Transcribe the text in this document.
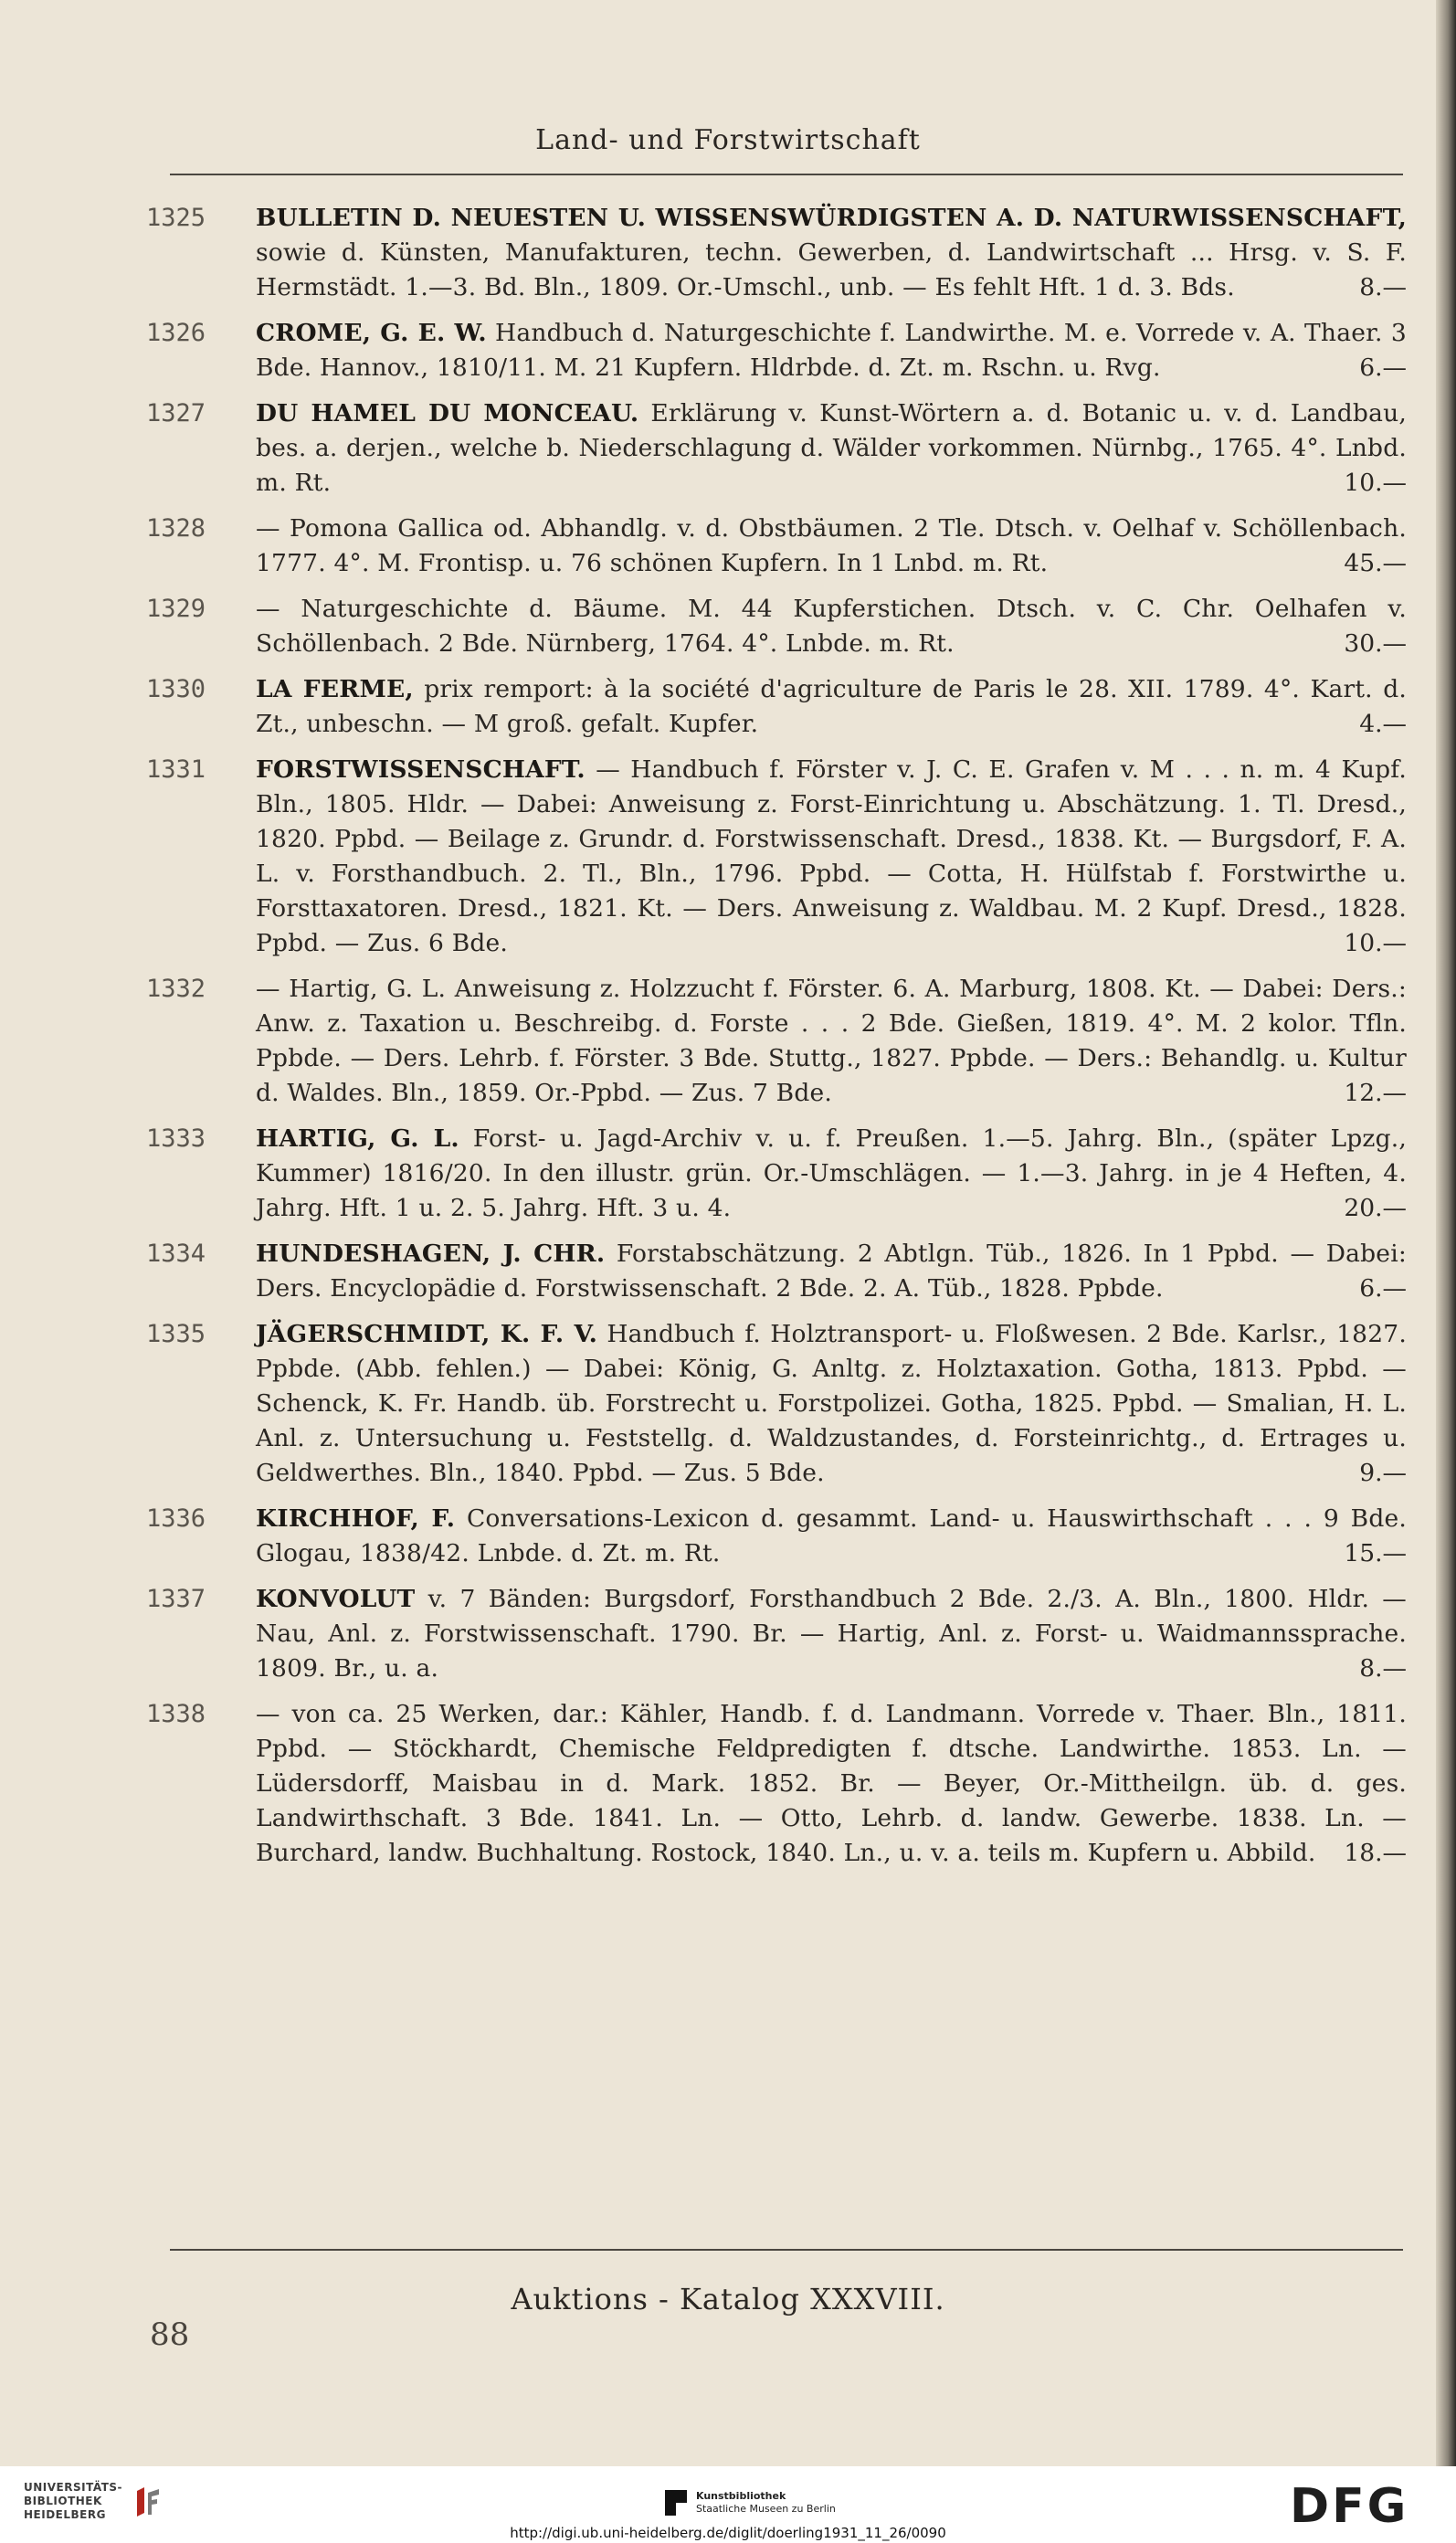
Land- und Forstwirtschaft
1325	BULLETIN D. NEUESTEN U. WISSENSWÜRDIGSTEN A. D. NATURWISSENSCHAFT, sowie d. Künsten, Manufakturen, techn. Gewerben, d. Landwirtschaft ... Hrsg. v. S. F. Hermstädt. 1.—3. Bd. Bln., 1809. Or.-Umschl., unb. — Es fehlt Hft. 1 d. 3. Bds.	8.—
1326	CROME, G. E. W. Handbuch d. Naturgeschichte f. Landwirthe. M. e. Vorrede v. A. Thaer. 3 Bde. Hannov., 1810/11. M. 21 Kupfern. Hldrbde. d. Zt. m. Rschn. u. Rvg.	6.—
1327	DU HAMEL DU MONCEAU. Erklärung v. Kunst-Wörtern a. d. Botanic u. v. d. Landbau, bes. a. derjen., welche b. Niederschlagung d. Wälder vorkommen. Nürnbg., 1765. 4°. Lnbd. m. Rt.	10.—
1328	— Pomona Gallica od. Abhandlg. v. d. Obstbäumen. 2 Tle. Dtsch. v. Oelhaf v. Schöllenbach. 1777. 4°. M. Frontisp. u. 76 schönen Kupfern. In 1 Lnbd. m. Rt.	45.—
1329	— Naturgeschichte d. Bäume. M. 44 Kupferstichen. Dtsch. v. C. Chr. Oelhafen v. Schöllenbach. 2 Bde. Nürnberg, 1764. 4°. Lnbde. m. Rt.	30.—
1330	LA FERME, prix remport: à la société d'agriculture de Paris le 28. XII. 1789. 4°. Kart. d. Zt., unbeschn. — M groß. gefalt. Kupfer.	4.—
1331	FORSTWISSENSCHAFT. — Handbuch f. Förster v. J. C. E. Grafen v. M . . . n. m. 4 Kupf. Bln., 1805. Hldr. — Dabei: Anweisung z. Forst-Einrichtung u. Abschätzung. 1. Tl. Dresd., 1820. Ppbd. — Beilage z. Grundr. d. Forstwissenschaft. Dresd., 1838. Kt. — Burgsdorf, F. A. L. v. Forsthandbuch. 2. Tl., Bln., 1796. Ppbd. — Cotta, H. Hülfstab f. Forstwirthe u. Forsttaxatoren. Dresd., 1821. Kt. — Ders. Anweisung z. Waldbau. M. 2 Kupf. Dresd., 1828. Ppbd. — Zus. 6 Bde.	10.—
1332	— Hartig, G. L. Anweisung z. Holzzucht f. Förster. 6. A. Marburg, 1808. Kt. — Dabei: Ders.: Anw. z. Taxation u. Beschreibg. d. Forste . . . 2 Bde. Gießen, 1819. 4°. M. 2 kolor. Tfln. Ppbde. — Ders. Lehrb. f. Förster. 3 Bde. Stuttg., 1827. Ppbde. — Ders.: Behandlg. u. Kultur d. Waldes. Bln., 1859. Or.-Ppbd. — Zus. 7 Bde.	12.—
1333	HARTIG, G. L. Forst- u. Jagd-Archiv v. u. f. Preußen. 1.—5. Jahrg. Bln., (später Lpzg., Kummer) 1816/20. In den illustr. grün. Or.-Umschlägen. — 1.—3. Jahrg. in je 4 Heften, 4. Jahrg. Hft. 1 u. 2. 5. Jahrg. Hft. 3 u. 4.	20.—
1334	HUNDESHAGEN, J. CHR. Forstabschätzung. 2 Abtlgn. Tüb., 1826. In 1 Ppbd. — Dabei: Ders. Encyclopädie d. Forstwissenschaft. 2 Bde. 2. A. Tüb., 1828. Ppbde.	6.—
1335	JÄGERSCHMIDT, K. F. V. Handbuch f. Holztransport- u. Floßwesen. 2 Bde. Karlsr., 1827. Ppbde. (Abb. fehlen.) — Dabei: König, G. Anltg. z. Holztaxation. Gotha, 1813. Ppbd. — Schenck, K. Fr. Handb. üb. Forstrecht u. Forstpolizei. Gotha, 1825. Ppbd. — Smalian, H. L. Anl. z. Untersuchung u. Feststellg. d. Waldzustandes, d. Forsteinrichtg., d. Ertrages u. Geldwerthes. Bln., 1840. Ppbd. — Zus. 5 Bde.	9.—
1336	KIRCHHOF, F. Conversations-Lexicon d. gesammt. Land- u. Hauswirthschaft . . . 9 Bde. Glogau, 1838/42. Lnbde. d. Zt. m. Rt.	15.—
1337	KONVOLUT v. 7 Bänden: Burgsdorf, Forsthandbuch 2 Bde. 2./3. A. Bln., 1800. Hldr. — Nau, Anl. z. Forstwissenschaft. 1790. Br. — Hartig, Anl. z. Forst- u. Waidmannssprache. 1809. Br., u. a.	8.—
1338	— von ca. 25 Werken, dar.: Kähler, Handb. f. d. Landmann. Vorrede v. Thaer. Bln., 1811. Ppbd. — Stöckhardt, Chemische Feldpredigten f. dtsche. Landwirthe. 1853. Ln. — Lüdersdorff, Maisbau in d. Mark. 1852. Br. — Beyer, Or.-Mittheilgn. üb. d. ges. Landwirthschaft. 3 Bde. 1841. Ln. — Otto, Lehrb. d. landw. Gewerbe. 1838. Ln. — Burchard, landw. Buchhaltung. Rostock, 1840. Ln., u. v. a. teils m. Kupfern u. Abbild.	18.—
Auktions - Katalog XXXVIII.
88
UNIVERSITÄTS-
BIBLIOTHEK
HEIDELBERG
Kunstbibliothek
Staatliche Museen zu Berlin	DFG
http://digi.ub.uni-heidelberg.de/diglit/doerling1931_11_26/0090
